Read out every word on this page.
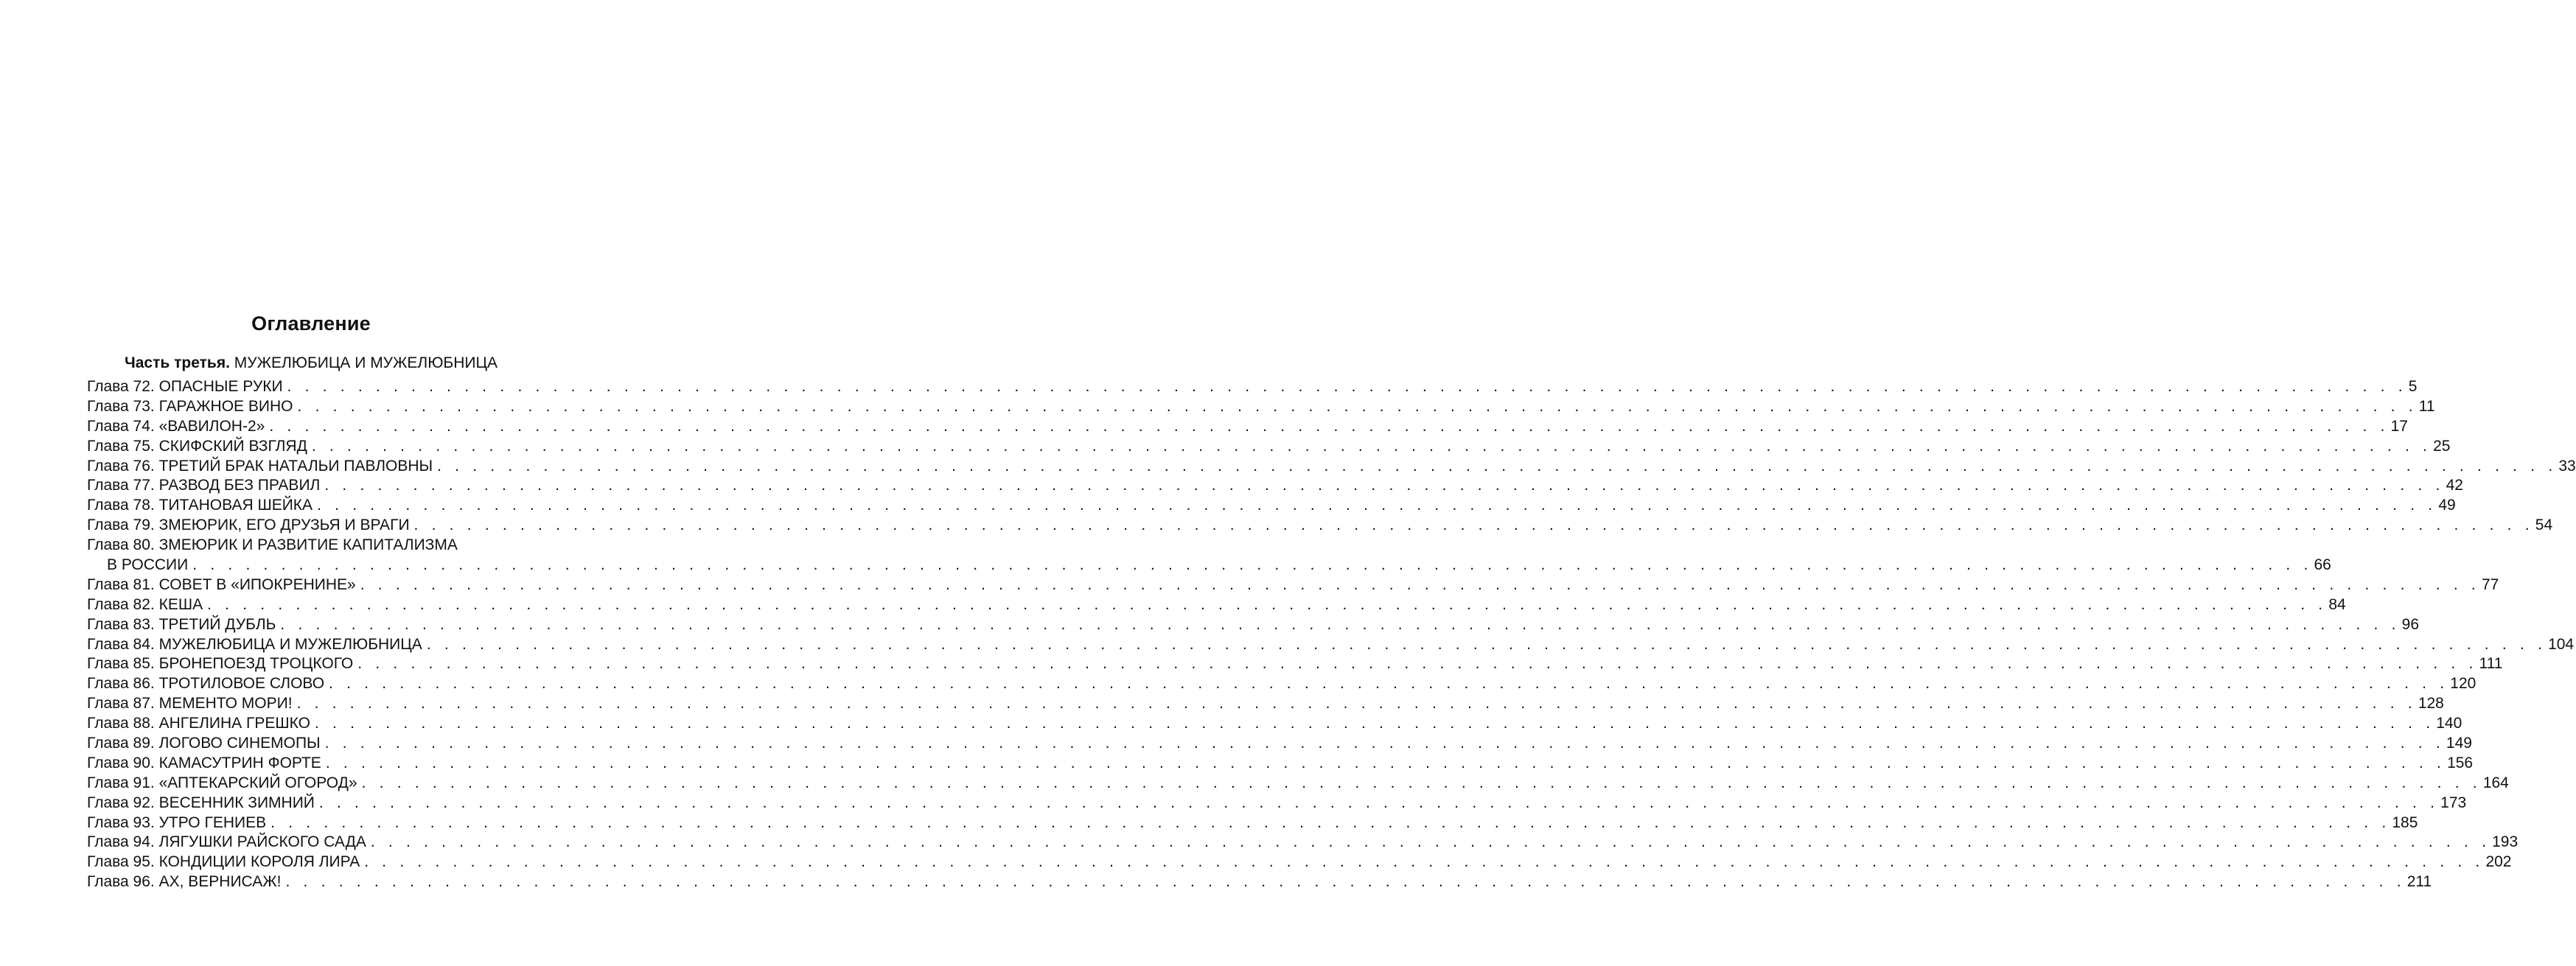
Оглавление
Часть третья. МУЖЕЛЮБИЦА И МУЖЕЛЮБНИЦА
Глава 72. ОПАСНЫЕ РУКИ . . . . . . . . . . . . . . . . . . . . . . . . . . . . . . . . . . . . . . . . . . . . . . . . . . . . . . . . . . . . . . . . . . . . . . . . . . . . . . . . . . . . . . . . . . . . . . . . . . . . . . . . . . . . . . . . . . . . . . . . 5
Глава 73. ГАРАЖНОЕ ВИНО . . . . . . . . . . . . . . . . . . . . . . . . . . . . . . . . . . . . . . . . . . . . . . . . . . . . . . . . . . . . . . . . . . . . . . . . . . . . . . . . . . . . . . . . . . . . . . . . . . . . . . . . . . . . . . . . . . . . . . . . 11
Глава 74. «ВАВИЛОН-2» . . . . . . . . . . . . . . . . . . . . . . . . . . . . . . . . . . . . . . . . . . . . . . . . . . . . . . . . . . . . . . . . . . . . . . . . . . . . . . . . . . . . . . . . . . . . . . . . . . . . . . . . . . . . . . . . . . . . . . . . 17
Глава 75. СКИФСКИЙ ВЗГЛЯД . . . . . . . . . . . . . . . . . . . . . . . . . . . . . . . . . . . . . . . . . . . . . . . . . . . . . . . . . . . . . . . . . . . . . . . . . . . . . . . . . . . . . . . . . . . . . . . . . . . . . . . . . . . . . . . . . . . . . . . . 25
Глава 76. ТРЕТИЙ БРАК НАТАЛЬИ ПАВЛОВНЫ . . . . . . . . . . . . . . . . . . . . . . . . . . . . . . . . . . . . . . . . . . . . . . . . . . . . . . . . . . . . . . . . . . . . . . . . . . . . . . . . . . . . . . . . . . . . . . . . . . . . . . . . . . . . . . . . . . . . . . . . 33
Глава 77. РАЗВОД БЕЗ ПРАВИЛ . . . . . . . . . . . . . . . . . . . . . . . . . . . . . . . . . . . . . . . . . . . . . . . . . . . . . . . . . . . . . . . . . . . . . . . . . . . . . . . . . . . . . . . . . . . . . . . . . . . . . . . . . . . . . . . . . . . . . . . . 42
Глава 78. ТИТАНОВАЯ ШЕЙКА . . . . . . . . . . . . . . . . . . . . . . . . . . . . . . . . . . . . . . . . . . . . . . . . . . . . . . . . . . . . . . . . . . . . . . . . . . . . . . . . . . . . . . . . . . . . . . . . . . . . . . . . . . . . . . . . . . . . . . . . 49
Глава 79. ЗМЕЮРИК, ЕГО ДРУЗЬЯ И ВРАГИ . . . . . . . . . . . . . . . . . . . . . . . . . . . . . . . . . . . . . . . . . . . . . . . . . . . . . . . . . . . . . . . . . . . . . . . . . . . . . . . . . . . . . . . . . . . . . . . . . . . . . . . . . . . . . . . . . . . . . . . . 54
Глава 80. ЗМЕЮРИК И РАЗВИТИЕ КАПИТАЛИЗМА
В РОССИИ . . . . . . . . . . . . . . . . . . . . . . . . . . . . . . . . . . . . . . . . . . . . . . . . . . . . . . . . . . . . . . . . . . . . . . . . . . . . . . . . . . . . . . . . . . . . . . . . . . . . . . . . . . . . . . . . . . . . . . . . 66
Глава 81. СОВЕТ В «ИПОКРЕНИНЕ» . . . . . . . . . . . . . . . . . . . . . . . . . . . . . . . . . . . . . . . . . . . . . . . . . . . . . . . . . . . . . . . . . . . . . . . . . . . . . . . . . . . . . . . . . . . . . . . . . . . . . . . . . . . . . . . . . . . . . . . . 77
Глава 82. КЕША . . . . . . . . . . . . . . . . . . . . . . . . . . . . . . . . . . . . . . . . . . . . . . . . . . . . . . . . . . . . . . . . . . . . . . . . . . . . . . . . . . . . . . . . . . . . . . . . . . . . . . . . . . . . . . . . . . . . . . . . 84
Глава 83. ТРЕТИЙ ДУБЛЬ . . . . . . . . . . . . . . . . . . . . . . . . . . . . . . . . . . . . . . . . . . . . . . . . . . . . . . . . . . . . . . . . . . . . . . . . . . . . . . . . . . . . . . . . . . . . . . . . . . . . . . . . . . . . . . . . . . . . . . . . 96
Глава 84. МУЖЕЛЮБИЦА И МУЖЕЛЮБНИЦА . . . . . . . . . . . . . . . . . . . . . . . . . . . . . . . . . . . . . . . . . . . . . . . . . . . . . . . . . . . . . . . . . . . . . . . . . . . . . . . . . . . . . . . . . . . . . . . . . . . . . . . . . . . . . . . . . . . . . . . . 104
Глава 85. БРОНЕПОЕЗД ТРОЦКОГО . . . . . . . . . . . . . . . . . . . . . . . . . . . . . . . . . . . . . . . . . . . . . . . . . . . . . . . . . . . . . . . . . . . . . . . . . . . . . . . . . . . . . . . . . . . . . . . . . . . . . . . . . . . . . . . . . . . . . . . . 111
Глава 86. ТРОТИЛОВОЕ СЛОВО . . . . . . . . . . . . . . . . . . . . . . . . . . . . . . . . . . . . . . . . . . . . . . . . . . . . . . . . . . . . . . . . . . . . . . . . . . . . . . . . . . . . . . . . . . . . . . . . . . . . . . . . . . . . . . . . . . . . . . . . 120
Глава 87. МЕМЕНТО МОРИ! . . . . . . . . . . . . . . . . . . . . . . . . . . . . . . . . . . . . . . . . . . . . . . . . . . . . . . . . . . . . . . . . . . . . . . . . . . . . . . . . . . . . . . . . . . . . . . . . . . . . . . . . . . . . . . . . . . . . . . . . 128
Глава 88. АНГЕЛИНА ГРЕШКО . . . . . . . . . . . . . . . . . . . . . . . . . . . . . . . . . . . . . . . . . . . . . . . . . . . . . . . . . . . . . . . . . . . . . . . . . . . . . . . . . . . . . . . . . . . . . . . . . . . . . . . . . . . . . . . . . . . . . . . . 140
Глава 89. ЛОГОВО СИНЕМОПЫ . . . . . . . . . . . . . . . . . . . . . . . . . . . . . . . . . . . . . . . . . . . . . . . . . . . . . . . . . . . . . . . . . . . . . . . . . . . . . . . . . . . . . . . . . . . . . . . . . . . . . . . . . . . . . . . . . . . . . . . . 149
Глава 90. КАМАСУТРИН ФОРТЕ . . . . . . . . . . . . . . . . . . . . . . . . . . . . . . . . . . . . . . . . . . . . . . . . . . . . . . . . . . . . . . . . . . . . . . . . . . . . . . . . . . . . . . . . . . . . . . . . . . . . . . . . . . . . . . . . . . . . . . . . 156
Глава 91. «АПТЕКАРСКИЙ ОГОРОД» . . . . . . . . . . . . . . . . . . . . . . . . . . . . . . . . . . . . . . . . . . . . . . . . . . . . . . . . . . . . . . . . . . . . . . . . . . . . . . . . . . . . . . . . . . . . . . . . . . . . . . . . . . . . . . . . . . . . . . . . 164
Глава 92. ВЕСЕННИК ЗИМНИЙ . . . . . . . . . . . . . . . . . . . . . . . . . . . . . . . . . . . . . . . . . . . . . . . . . . . . . . . . . . . . . . . . . . . . . . . . . . . . . . . . . . . . . . . . . . . . . . . . . . . . . . . . . . . . . . . . . . . . . . . . 173
Глава 93. УТРО ГЕНИЕВ . . . . . . . . . . . . . . . . . . . . . . . . . . . . . . . . . . . . . . . . . . . . . . . . . . . . . . . . . . . . . . . . . . . . . . . . . . . . . . . . . . . . . . . . . . . . . . . . . . . . . . . . . . . . . . . . . . . . . . . . 185
Глава 94. ЛЯГУШКИ РАЙСКОГО САДА . . . . . . . . . . . . . . . . . . . . . . . . . . . . . . . . . . . . . . . . . . . . . . . . . . . . . . . . . . . . . . . . . . . . . . . . . . . . . . . . . . . . . . . . . . . . . . . . . . . . . . . . . . . . . . . . . . . . . . . . 193
Глава 95. КОНДИЦИИ КОРОЛЯ ЛИРА . . . . . . . . . . . . . . . . . . . . . . . . . . . . . . . . . . . . . . . . . . . . . . . . . . . . . . . . . . . . . . . . . . . . . . . . . . . . . . . . . . . . . . . . . . . . . . . . . . . . . . . . . . . . . . . . . . . . . . . . 202
Глава 96. АХ, ВЕРНИСАЖ! . . . . . . . . . . . . . . . . . . . . . . . . . . . . . . . . . . . . . . . . . . . . . . . . . . . . . . . . . . . . . . . . . . . . . . . . . . . . . . . . . . . . . . . . . . . . . . . . . . . . . . . . . . . . . . . . . . . . . . . . 211
